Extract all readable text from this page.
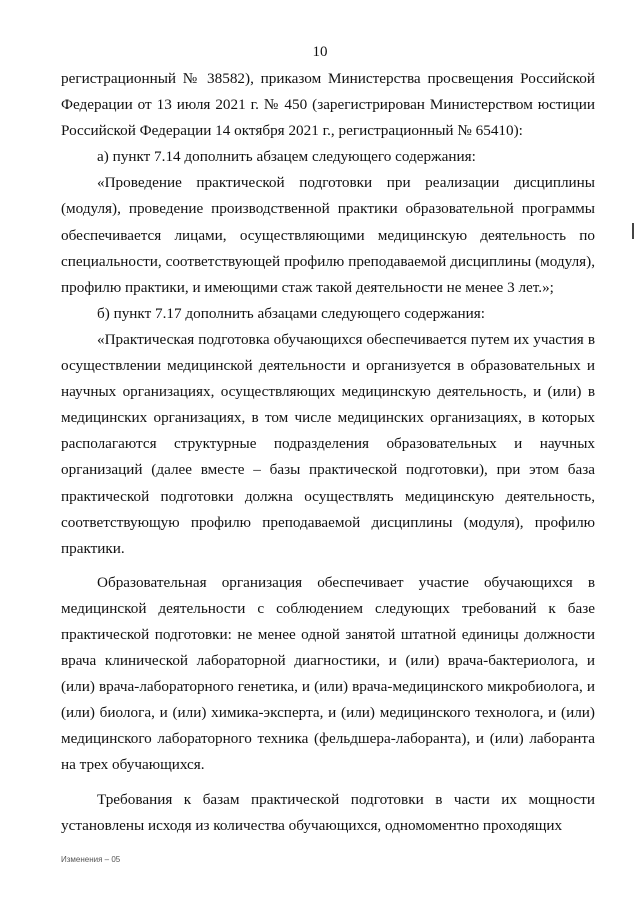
10

регистрационный № 38582), приказом Министерства просвещения Российской Федерации от 13 июля 2021 г. № 450 (зарегистрирован Министерством юстиции Российской Федерации 14 октября 2021 г., регистрационный № 65410):

а) пункт 7.14 дополнить абзацем следующего содержания:

«Проведение практической подготовки при реализации дисциплины (модуля), проведение производственной практики образовательной программы обеспечивается лицами, осуществляющими медицинскую деятельность по специальности, соответствующей профилю преподаваемой дисциплины (модуля), профилю практики, и имеющими стаж такой деятельности не менее 3 лет.»;

б) пункт 7.17 дополнить абзацами следующего содержания:

«Практическая подготовка обучающихся обеспечивается путем их участия в осуществлении медицинской деятельности и организуется в образовательных и научных организациях, осуществляющих медицинскую деятельность, и (или) в медицинских организациях, в том числе медицинских организациях, в которых располагаются структурные подразделения образовательных и научных организаций (далее вместе – базы практической подготовки), при этом база практической подготовки должна осуществлять медицинскую деятельность, соответствующую профилю преподаваемой дисциплины (модуля), профилю практики.

Образовательная организация обеспечивает участие обучающихся в медицинской деятельности с соблюдением следующих требований к базе практической подготовки: не менее одной занятой штатной единицы должности врача клинической лабораторной диагностики, и (или) врача-бактериолога, и (или) врача-лабораторного генетика, и (или) врача-медицинского микробиолога, и (или) биолога, и (или) химика-эксперта, и (или) медицинского технолога, и (или) медицинского лабораторного техника (фельдшера-лаборанта), и (или) лаборанта на трех обучающихся.

Требования к базам практической подготовки в части их мощности установлены исходя из количества обучающихся, одномоментно проходящих

Изменения – 05
